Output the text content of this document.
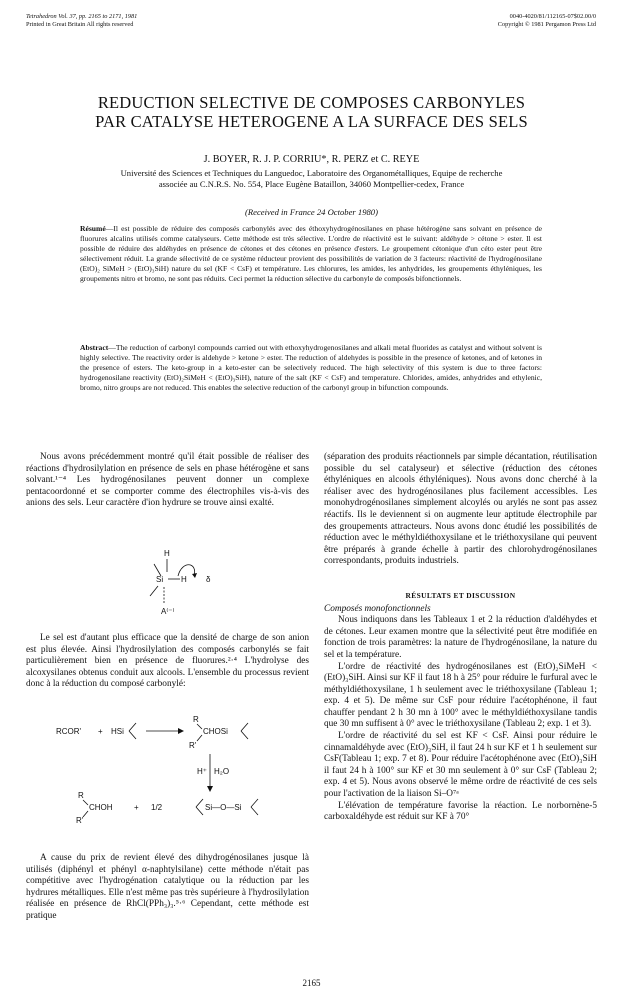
Tetrahedron Vol. 37, pp. 2165 to 2171, 1981
Printed in Great Britain All rights reserved
0040-4020/81/112165-07$02.00/0
Copyright © 1981 Pergamon Press Ltd
REDUCTION SELECTIVE DE COMPOSES CARBONYLES
PAR CATALYSE HETEROGENE A LA SURFACE DES SELS
J. BOYER, R. J. P. CORRIU*, R. PERZ et C. REYE
Université des Sciences et Techniques du Languedoc, Laboratoire des Organométalliques, Equipe de recherche
associée au C.N.R.S. No. 554, Place Eugène Bataillon, 34060 Montpellier-cedex, France
(Received in France 24 October 1980)
Résumé—Il est possible de réduire des composés carbonylés avec des éthoxyhydrogénosilanes en phase hétérogène sans solvant en présence de fluorures alcalins utilisés comme catalyseurs. Cette méthode est très sélective. L'ordre de réactivité est le suivant: aldéhyde > cétone > ester. Il est possible de réduire des aldéhydes en présence de cétones et des cétones en présence d'esters. Le groupement cétonique d'un céto ester peut être sélectivement réduit. La grande sélectivité de ce système réducteur provient des possibilités de variation de 3 facteurs: réactivité de l'hydrogénosilane (EtO)₂ SiMeH > (EtO)₃SiH) nature du sel (KF < CsF) et température. Les chlorures, les amides, les anhydrides, les groupements éthyléniques, les groupements nitro et bromo, ne sont pas réduits. Ceci permet la réduction sélective du carbonyle de composés bifonctionnels.
Abstract—The reduction of carbonyl compounds carried out with ethoxyhydrogenosilanes and alkali metal fluorides as catalyst and without solvent is highly selective. The reactivity order is aldehyde > ketone > ester. The reduction of aldehydes is possible in the presence of ketones, and of ketones in the presence of esters. The keto-group in a keto-ester can be selectively reduced. The high selectivity of this system is due to three factors: hydrogenosilane reactivity (EtO)₂SiMeH < (EtO)₃SiH), nature of the salt (KF < CsF) and temperature. Chlorides, amides, anhydrides and ethylenic, bromo, nitro groups are not reduced. This enables the selective reduction of the carbonyl group in bifunction compounds.

Nous avons précédemment montré qu'il était possible de réaliser des réactions d'hydrosilylation en présence de sels en phase hétérogène et sans solvant.¹⁻⁴ Les hydrogénosilanes peuvent donner un complexe pentacoordonné et se comporter comme des électrophiles vis-à-vis des anions des sels. Leur caractère d'ion hydrure se trouve ainsi exalté.

H
Si H δ
A⁽⁻⁾

Le sel est d'autant plus efficace que la densité de charge de son anion est plus élevée. Ainsi l'hydrosilylation des composés carbonylés se fait particulièrement bien en présence de fluorures.²·⁴ L'hydrolyse des alcoxysilanes obtenus conduit aux alcools. L'ensemble du processus revient donc à la réduction du composé carbonylé:

RCOR' + HSi
R
CHOSi
R'
H⁺ H₂O
R
CHOH
R'
+ 1/2	Si—O—Si

A cause du prix de revient élevé des dihydrogénosilanes jusque là utilisés (diphényl et phényl α-naphtylsilane) cette méthode n'était pas compétitive avec l'hydrogénation catalytique ou la réduction par les hydrures métalliques. Elle n'est même pas très supérieure à l'hydrosilylation réalisée en présence de RhCl(PPh₃)₃.⁵·⁶ Cependant, cette méthode est pratique

(séparation des produits réactionnels par simple décantation, réutilisation possible du sel catalyseur) et sélective (réduction des cétones éthyléniques en alcools éthyléniques). Nous avons donc cherché à la réaliser avec des hydrogénosilanes plus facilement accessibles. Les monohydrogénosilanes simplement alcoylés ou arylés ne sont pas assez réactifs. Ils le deviennent si on augmente leur aptitude électrophile par des groupements attracteurs. Nous avons donc étudié les possibilités de réduction avec le méthyldiéthoxysilane et le triéthoxysilane qui peuvent être préparés à grande échelle à partir des chlorohydrogénosilanes correspondants, produits industriels.

RÉSULTATS ET DISCUSSION
Composés monofonctionnels

Nous indiquons dans les Tableaux 1 et 2 la réduction d'aldéhydes et de cétones. Leur examen montre que la sélectivité peut être modifiée en fonction de trois paramètres: la nature de l'hydrogénosilane, la nature du sel et la température.

L'ordre de réactivité des hydrogénosilanes est (EtO)₂SiMeH < (EtO)₃SiH. Ainsi sur KF il faut 18 h à 25° pour réduire le furfural avec le méthyldiéthoxysilane, 1 h seulement avec le triéthoxysilane (Tableau 1; exp. 4 et 5). De même sur CsF pour réduire l'acétophénone, il faut chauffer pendant 2 h 30 mn à 100° avec le méthyldiéthoxysilane tandis que 30 mn suffisent à 0° avec le triéthoxysilane (Tableau 2; exp. 1 et 3).

L'ordre de réactivité du sel est KF < CsF. Ainsi pour réduire le cinnamaldéhyde avec (EtO)₃SiH, il faut 24 h sur KF et 1 h seulement sur CsF(Tableau 1; exp. 7 et 8). Pour réduire l'acétophénone avec (EtO)₃SiH il faut 24 h à 100° sur KF et 30 mn seulement à 0° sur CsF (Tableau 2; exp. 4 et 5). Nous avons observé le même ordre de réactivité de ces sels pour l'activation de la liaison Si–O⁷ᵃ

L'élévation de température favorise la réaction. Le norbornène-5 carboxaldéhyde est réduit sur KF à 70°

2165
